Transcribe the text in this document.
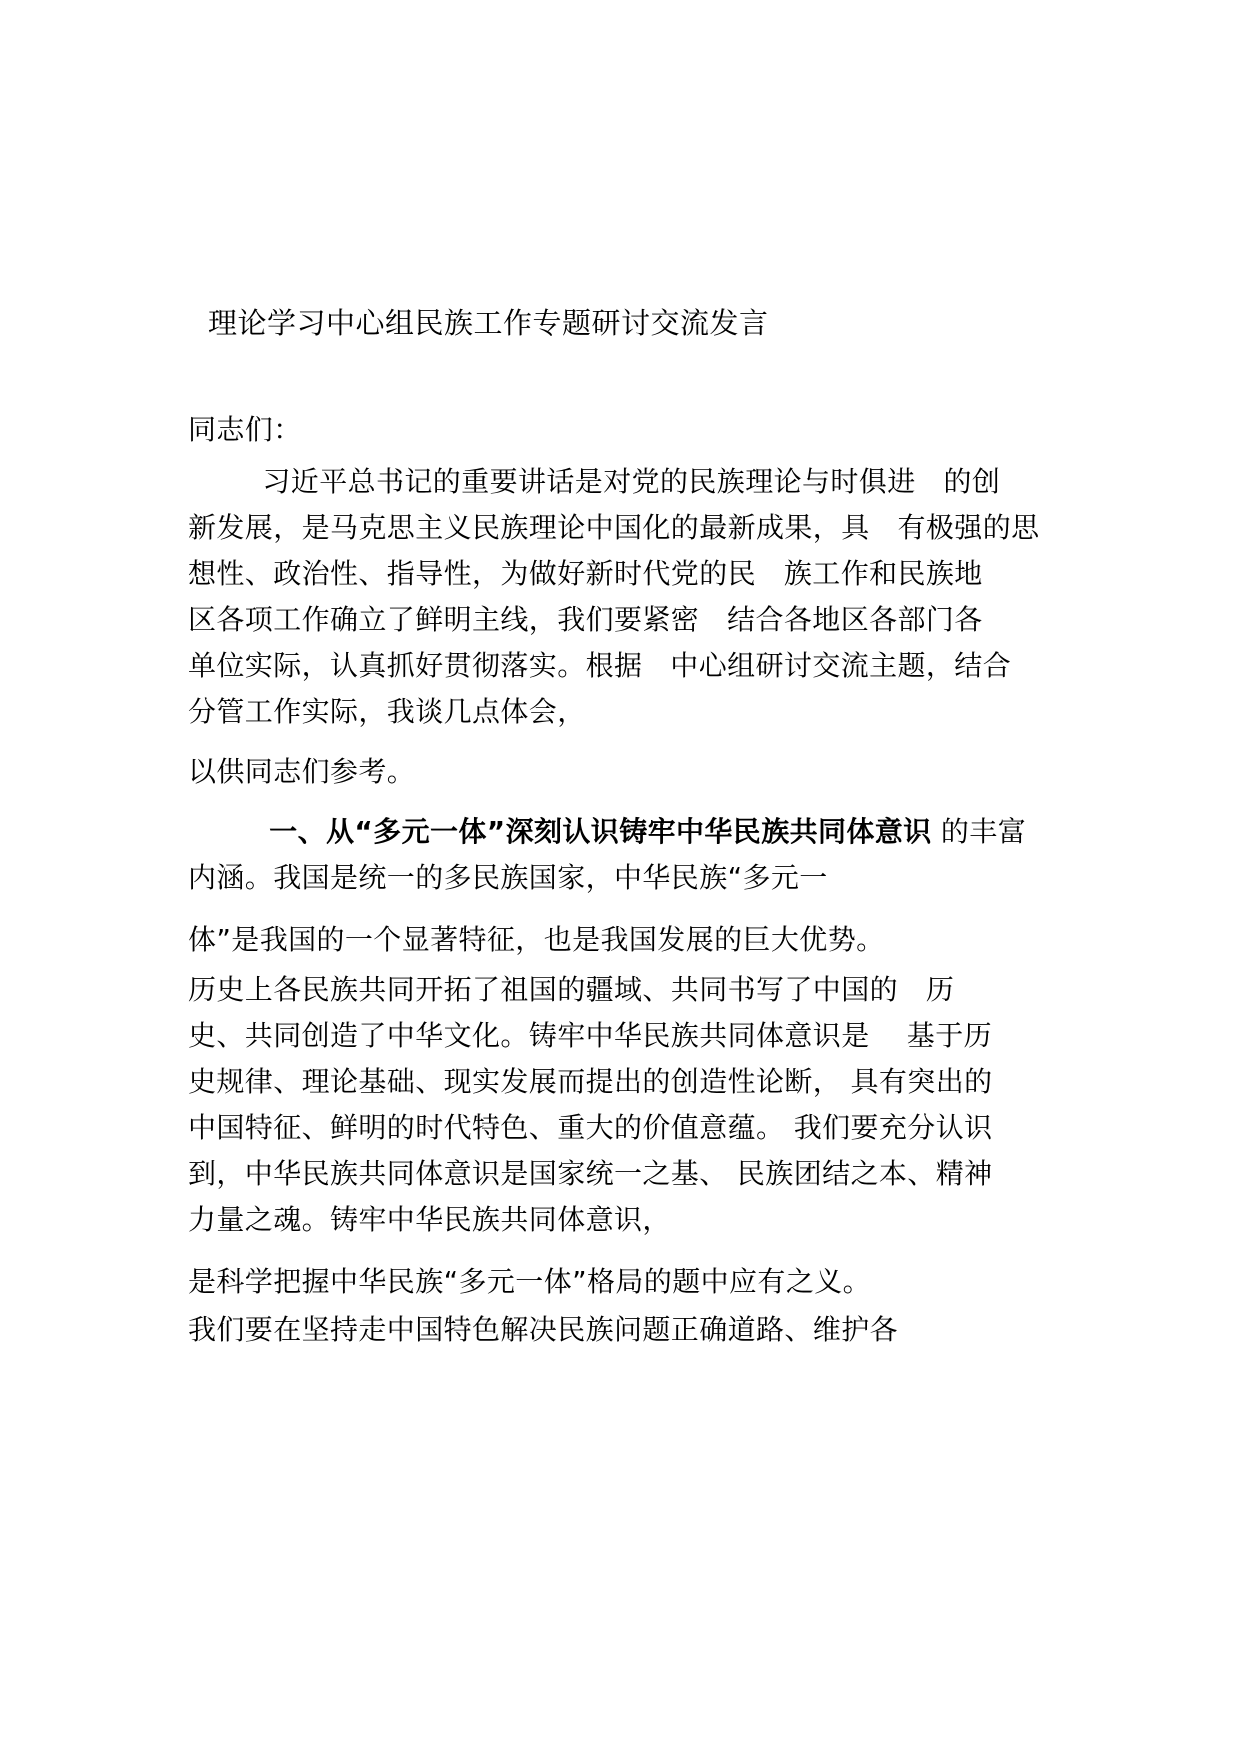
理论学习中心组民族工作专题研讨交流发言
同志们：
习近平总书记的重要讲话是对党的民族理论与时俱进   的创
新发展，是马克思主义民族理论中国化的最新成果，具   有极强的思
想性、政治性、指导性，为做好新时代党的民   族工作和民族地
区各项工作确立了鲜明主线，我们要紧密   结合各地区各部门各
单位实际，认真抓好贯彻落实。根据   中心组研讨交流主题，结合
分管工作实际，我谈几点体会，
以供同志们参考。
一、从“多元一体”深刻认识铸牢中华民族共同体意识 的丰富
内涵。我国是统一的多民族国家，中华民族“多元一
体”是我国的一个显著特征，也是我国发展的巨大优势。
历史上各民族共同开拓了祖国的疆域、共同书写了中国的   历
史、共同创造了中华文化。铸牢中华民族共同体意识是    基于历
史规律、理论基础、现实发展而提出的创造性论断， 具有突出的
中国特征、鲜明的时代特色、重大的价值意蕴。 我们要充分认识
到，中华民族共同体意识是国家统一之基、 民族团结之本、精神
力量之魂。铸牢中华民族共同体意识，
是科学把握中华民族“多元一体”格局的题中应有之义。
我们要在坚持走中国特色解决民族问题正确道路、维护各
